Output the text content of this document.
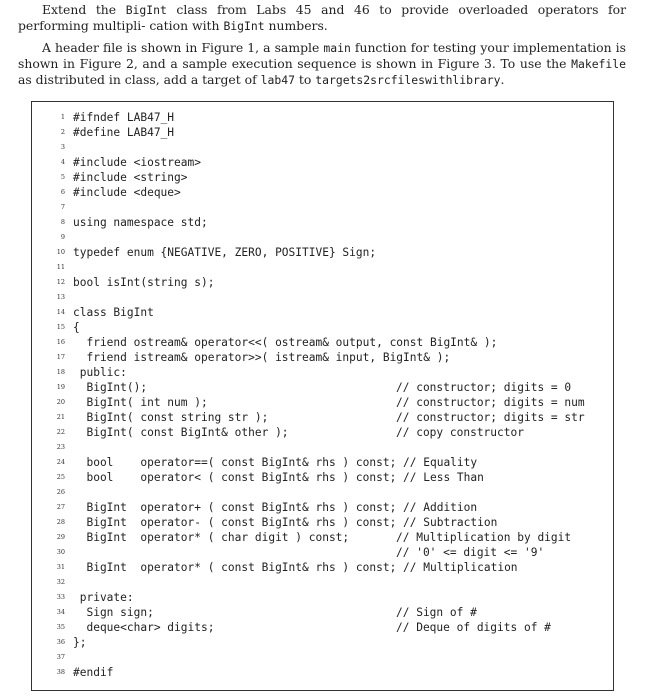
Extend the BigInt class from Labs 45 and 46 to provide overloaded operators for performing multipli- cation with BigInt numbers.

A header file is shown in Figure 1, a sample main function for testing your implementation is shown in Figure 2, and a sample execution sequence is shown in Figure 3. To use the Makefile as distributed in class, add a target of lab47 to targets2srcfileswithlibrary.

1 #ifndef LAB47_H
2 #define LAB47_H
3
4 #include <iostream>
5 #include <string>
6 #include <deque>
7
8 using namespace std;
9
10 typedef enum {NEGATIVE, ZERO, POSITIVE} Sign;
11
12 bool isInt(string s);
13
14 class BigInt
15 {
16 friend ostream& operator<<( ostream& output, const BigInt& );
17 friend istream& operator>>( istream& input, BigInt& );
18 public:
19 BigInt();	// constructor; digits = 0
20 BigInt( int num );	// constructor; digits = num
21 BigInt( const string str );	// constructor; digits = str
22 BigInt( const BigInt& other );	// copy constructor
23
24 bool    operator==( const BigInt& rhs ) const; // Equality
25 bool    operator< ( const BigInt& rhs ) const; // Less Than
26
27 BigInt  operator+ ( const BigInt& rhs ) const; // Addition
28 BigInt  operator- ( const BigInt& rhs ) const; // Subtraction
29 BigInt  operator* ( char digit ) const;	// Multiplication by digit
30	// '0' <= digit <= '9'
31 BigInt  operator* ( const BigInt& rhs ) const; // Multiplication
32
33 private:
34 Sign sign;	// Sign of #
35 deque<char> digits;	// Deque of digits of #
36 };
37
38 #endif
